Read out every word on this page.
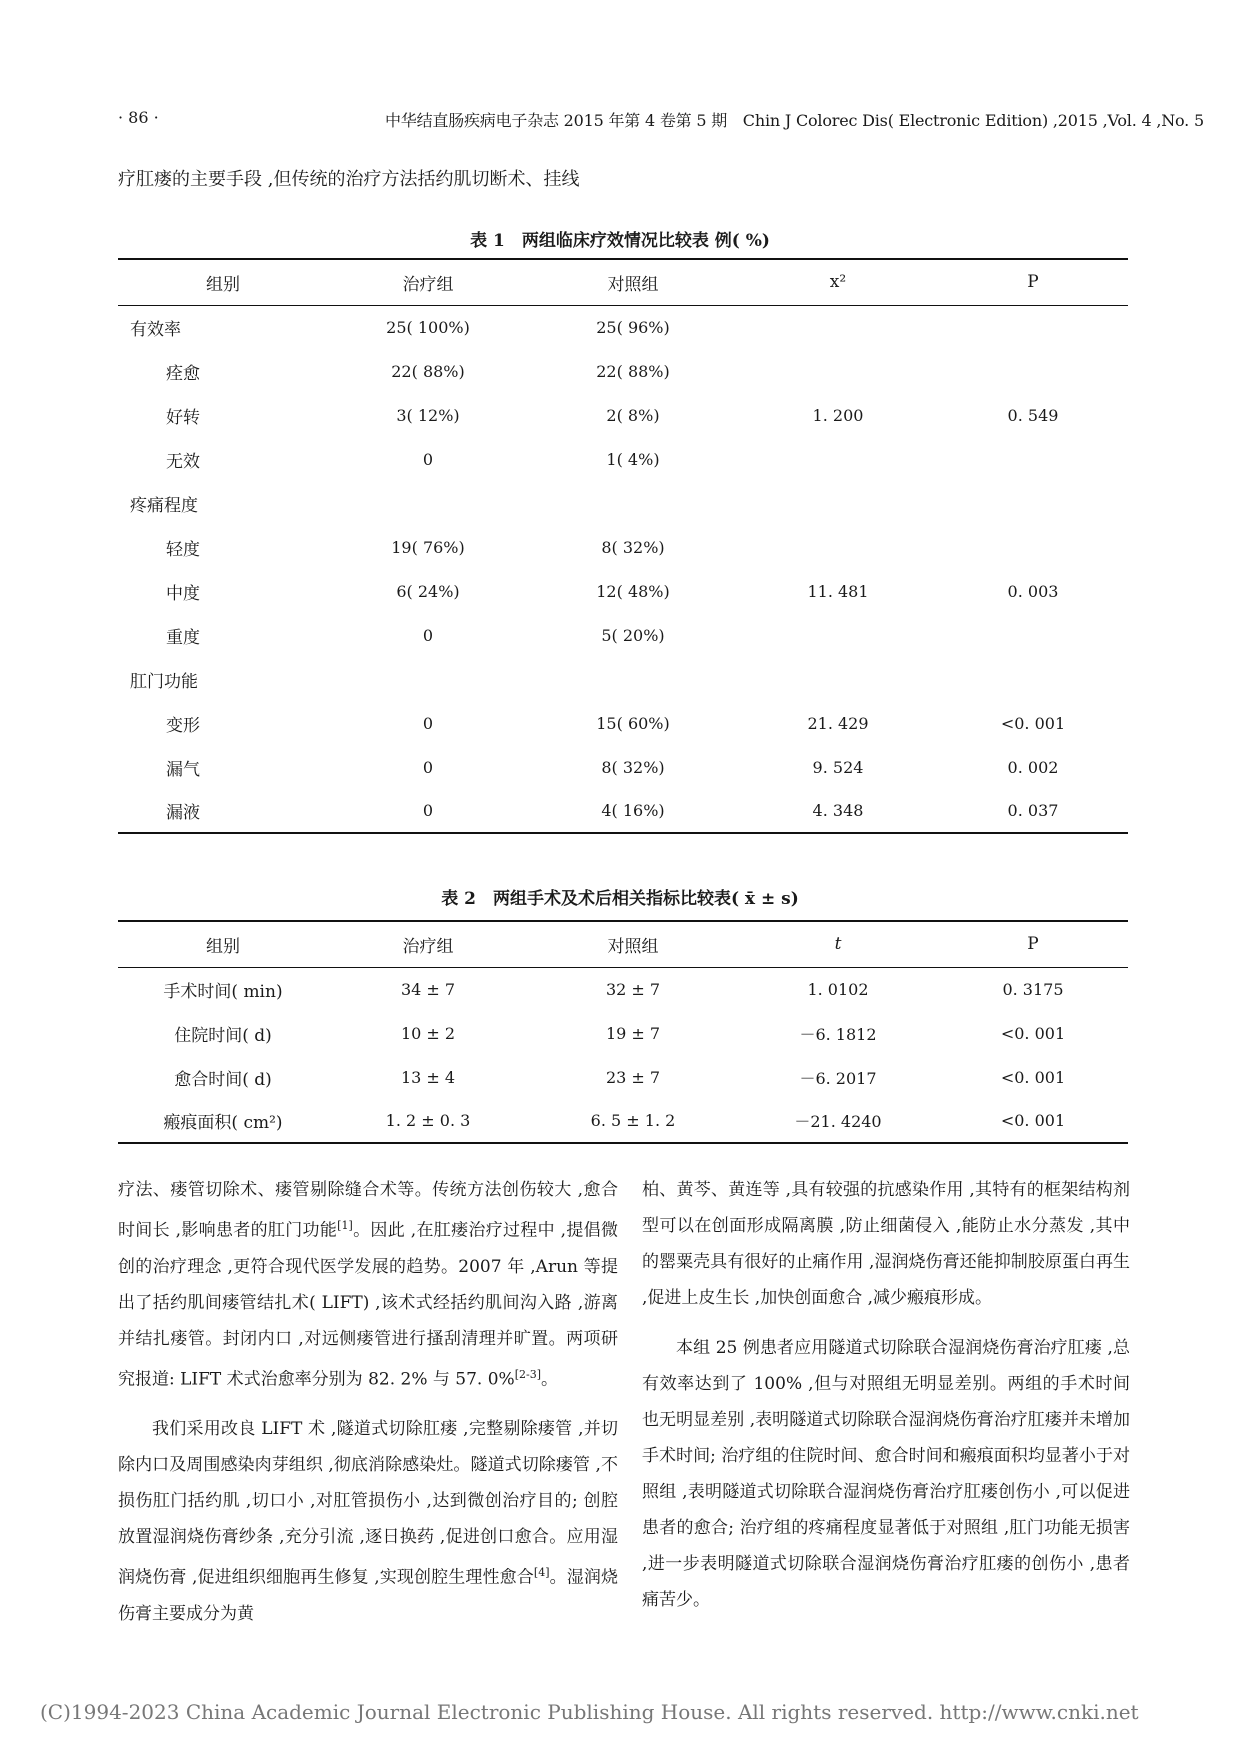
· 86 ·	中华结直肠疾病电子杂志 2015 年第 4 卷第 5 期　Chin J Colorec Dis( Electronic Edition) ,2015 ,Vol. 4 ,No. 5
疗肛瘘的主要手段 ,但传统的治疗方法括约肌切断术、挂线
表 1　两组临床疗效情况比较表 例( %)
组别	治疗组	对照组	x²	P
有效率	25( 100%)	25( 96%)		
痊愈	22( 88%)	22( 88%)		
好转	3( 12%)	2( 8%)	1. 200	0. 549
无效	0	1( 4%)		
疼痛程度				
轻度	19( 76%)	8( 32%)		
中度	6( 24%)	12( 48%)	11. 481	0. 003
重度	0	5( 20%)		
肛门功能				
变形	0	15( 60%)	21. 429	<0. 001
漏气	0	8( 32%)	9. 524	0. 002
漏液	0	4( 16%)	4. 348	0. 037
表 2　两组手术及术后相关指标比较表( x̄ ± s)
组别	治疗组	对照组	t	P
手术时间( min)	34 ± 7	32 ± 7	1. 0102	0. 3175
住院时间( d)	10 ± 2	19 ± 7	－6. 1812	<0. 001
愈合时间( d)	13 ± 4	23 ± 7	－6. 2017	<0. 001
瘢痕面积( cm²)	1. 2 ± 0. 3	6. 5 ± 1. 2	－21. 4240	<0. 001

疗法、瘘管切除术、瘘管剔除缝合术等。传统方法创伤较大 ,愈合时间长 ,影响患者的肛门功能[1]。因此 ,在肛瘘治疗过程中 ,提倡微创的治疗理念 ,更符合现代医学发展的趋势。2007 年 ,Arun 等提出了括约肌间瘘管结扎术( LIFT) ,该术式经括约肌间沟入路 ,游离并结扎瘘管。封闭内口 ,对远侧瘘管进行搔刮清理并旷置。两项研究报道: LIFT 术式治愈率分别为 82. 2% 与 57. 0%[2-3]。

我们采用改良 LIFT 术 ,隧道式切除肛瘘 ,完整剔除瘘管 ,并切除内口及周围感染肉芽组织 ,彻底消除感染灶。隧道式切除瘘管 ,不损伤肛门括约肌 ,切口小 ,对肛管损伤小 ,达到微创治疗目的; 创腔放置湿润烧伤膏纱条 ,充分引流 ,逐日换药 ,促进创口愈合。应用湿润烧伤膏 ,促进组织细胞再生修复 ,实现创腔生理性愈合[4]。湿润烧伤膏主要成分为黄

柏、黄芩、黄连等 ,具有较强的抗感染作用 ,其特有的框架结构剂型可以在创面形成隔离膜 ,防止细菌侵入 ,能防止水分蒸发 ,其中的罂粟壳具有很好的止痛作用 ,湿润烧伤膏还能抑制胶原蛋白再生 ,促进上皮生长 ,加快创面愈合 ,减少瘢痕形成。

本组 25 例患者应用隧道式切除联合湿润烧伤膏治疗肛瘘 ,总有效率达到了 100% ,但与对照组无明显差别。两组的手术时间也无明显差别 ,表明隧道式切除联合湿润烧伤膏治疗肛瘘并未增加手术时间; 治疗组的住院时间、愈合时间和瘢痕面积均显著小于对照组 ,表明隧道式切除联合湿润烧伤膏治疗肛瘘创伤小 ,可以促进患者的愈合; 治疗组的疼痛程度显著低于对照组 ,肛门功能无损害 ,进一步表明隧道式切除联合湿润烧伤膏治疗肛瘘的创伤小 ,患者痛苦少。

(C)1994-2023 China Academic Journal Electronic Publishing House. All rights reserved. http://www.cnki.net
